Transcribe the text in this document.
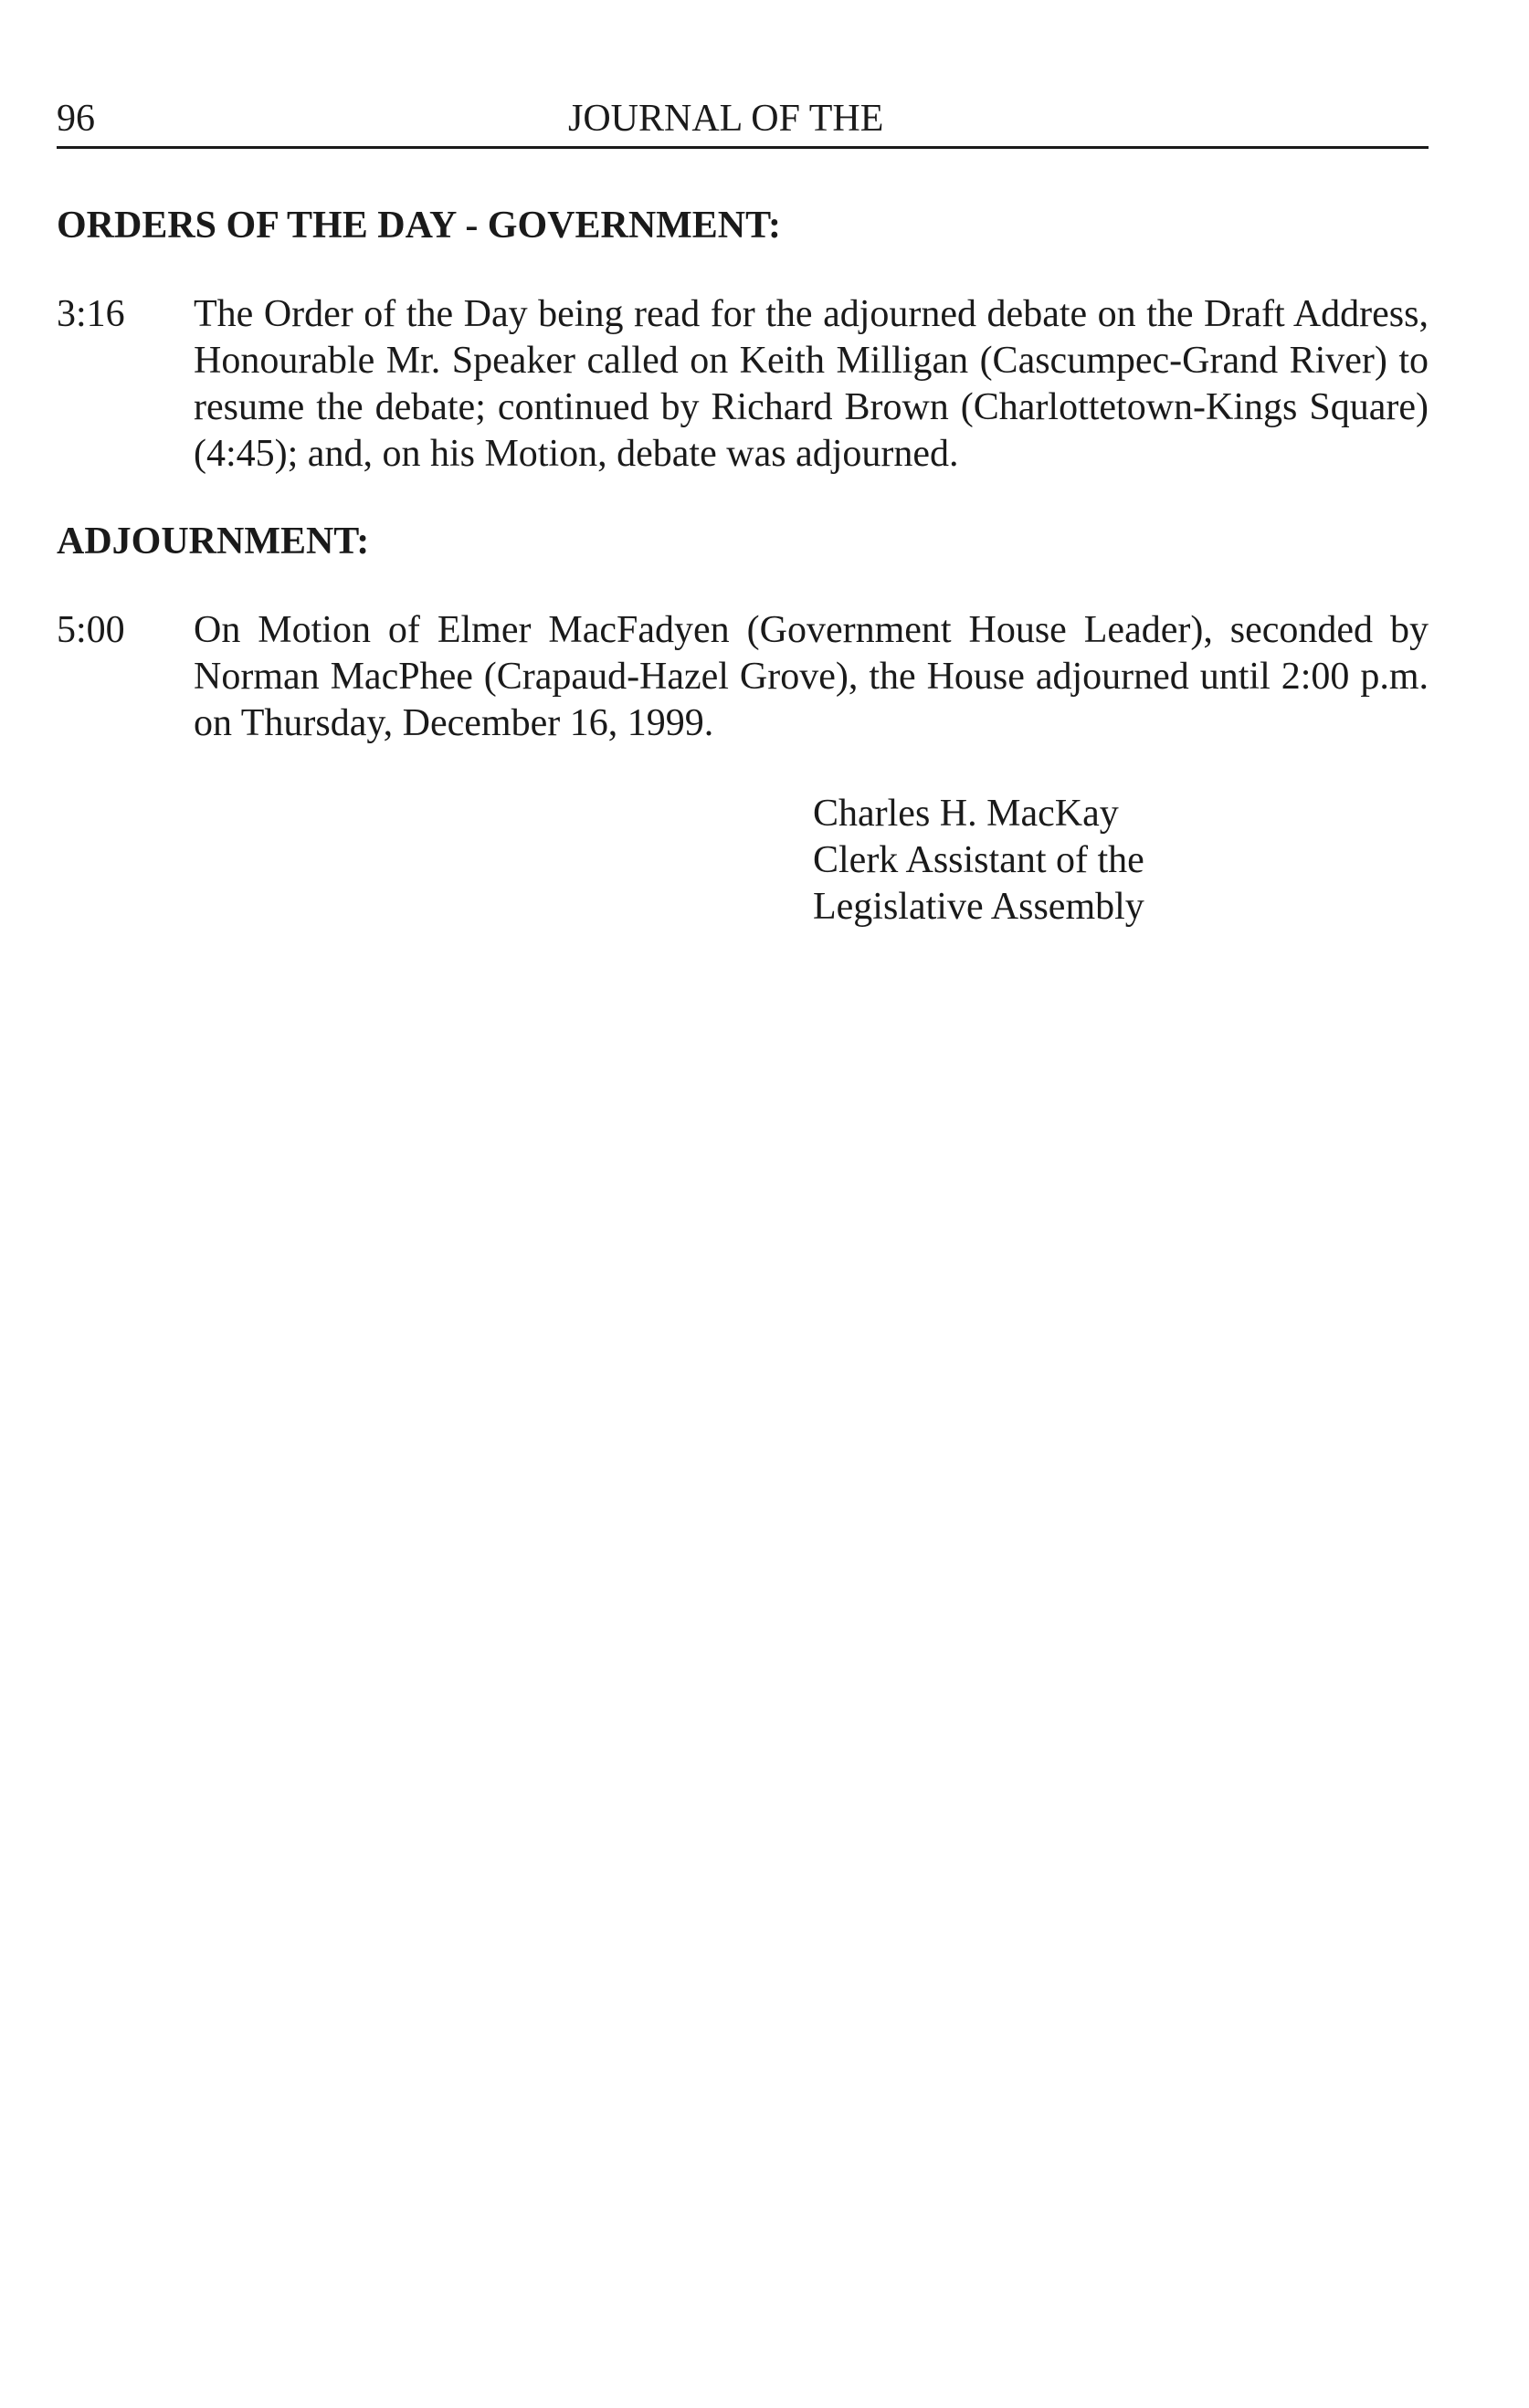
96	JOURNAL OF THE
ORDERS OF THE DAY - GOVERNMENT:
3:16	The Order of the Day being read for the adjourned debate on the Draft Address, Honourable Mr. Speaker called on Keith Milligan (Cascumpec-Grand River) to resume the debate; continued by Richard Brown (Charlottetown-Kings Square) (4:45); and, on his Motion, debate was adjourned.
ADJOURNMENT:
5:00	On Motion of Elmer MacFadyen (Government House Leader), seconded by Norman MacPhee (Crapaud-Hazel Grove), the House adjourned until 2:00 p.m. on Thursday, December 16, 1999.
Charles H. MacKay
Clerk Assistant of the
Legislative Assembly
